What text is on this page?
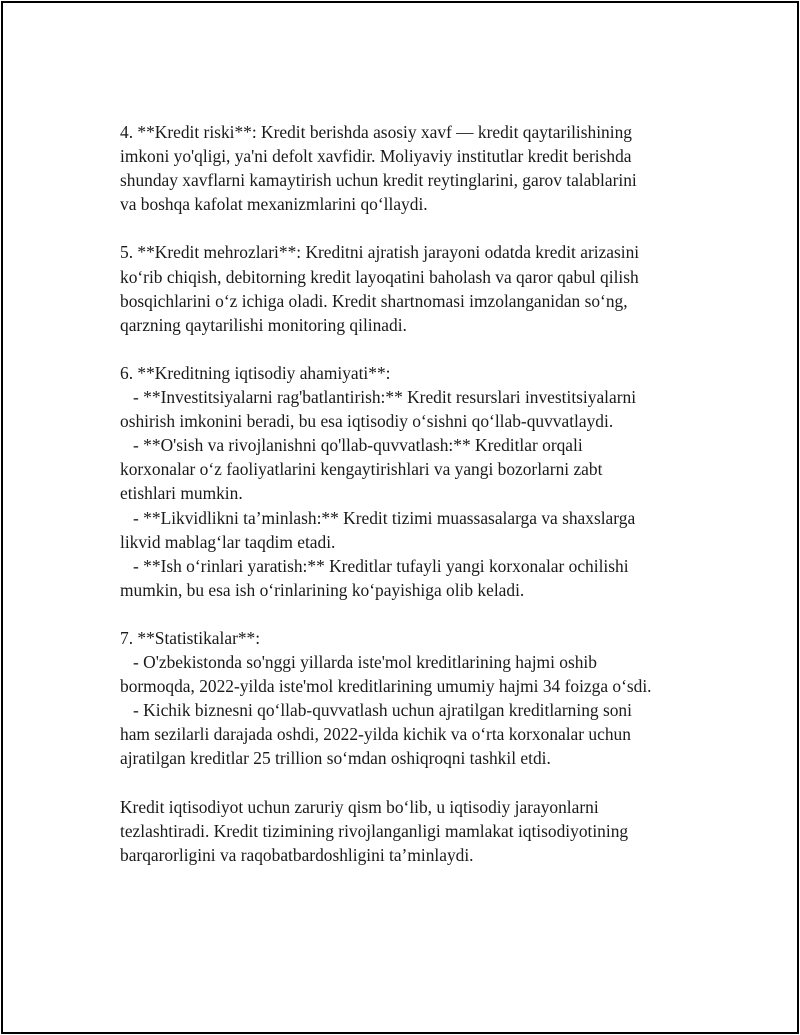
4. **Kredit riski**: Kredit berishda asosiy xavf — kredit qaytarilishining
imkoni yo'qligi, ya'ni defolt xavfidir. Moliyaviy institutlar kredit berishda
shunday xavflarni kamaytirish uchun kredit reytinglarini, garov talablarini
va boshqa kafolat mexanizmlarini qo‘llaydi.
5. **Kredit mehrozlari**: Kreditni ajratish jarayoni odatda kredit arizasini
ko‘rib chiqish, debitorning kredit layoqatini baholash va qaror qabul qilish
bosqichlarini o‘z ichiga oladi. Kredit shartnomasi imzolanganidan so‘ng,
qarzning qaytarilishi monitoring qilinadi.
6. **Kreditning iqtisodiy ahamiyati**:
- **Investitsiyalarni rag'batlantirish:** Kredit resurslari investitsiyalarni
oshirish imkonini beradi, bu esa iqtisodiy o‘sishni qo‘llab-quvvatlaydi.
- **O'sish va rivojlanishni qo'llab-quvvatlash:** Kreditlar orqali
korxonalar o‘z faoliyatlarini kengaytirishlari va yangi bozorlarni zabt
etishlari mumkin.
- **Likvidlikni ta’minlash:** Kredit tizimi muassasalarga va shaxslarga
likvid mablag‘lar taqdim etadi.
- **Ish o‘rinlari yaratish:** Kreditlar tufayli yangi korxonalar ochilishi
mumkin, bu esa ish o‘rinlarining ko‘payishiga olib keladi.
7. **Statistikalar**:
- O'zbekistonda so'nggi yillarda iste'mol kreditlarining hajmi oshib
bormoqda, 2022-yilda iste'mol kreditlarining umumiy hajmi 34 foizga o‘sdi.
- Kichik biznesni qo‘llab-quvvatlash uchun ajratilgan kreditlarning soni
ham sezilarli darajada oshdi, 2022-yilda kichik va o‘rta korxonalar uchun
ajratilgan kreditlar 25 trillion so‘mdan oshiqroqni tashkil etdi.
Kredit iqtisodiyot uchun zaruriy qism bo‘lib, u iqtisodiy jarayonlarni
tezlashtiradi. Kredit tizimining rivojlanganligi mamlakat iqtisodiyotining
barqarorligini va raqobatbardoshligini ta’minlaydi.
